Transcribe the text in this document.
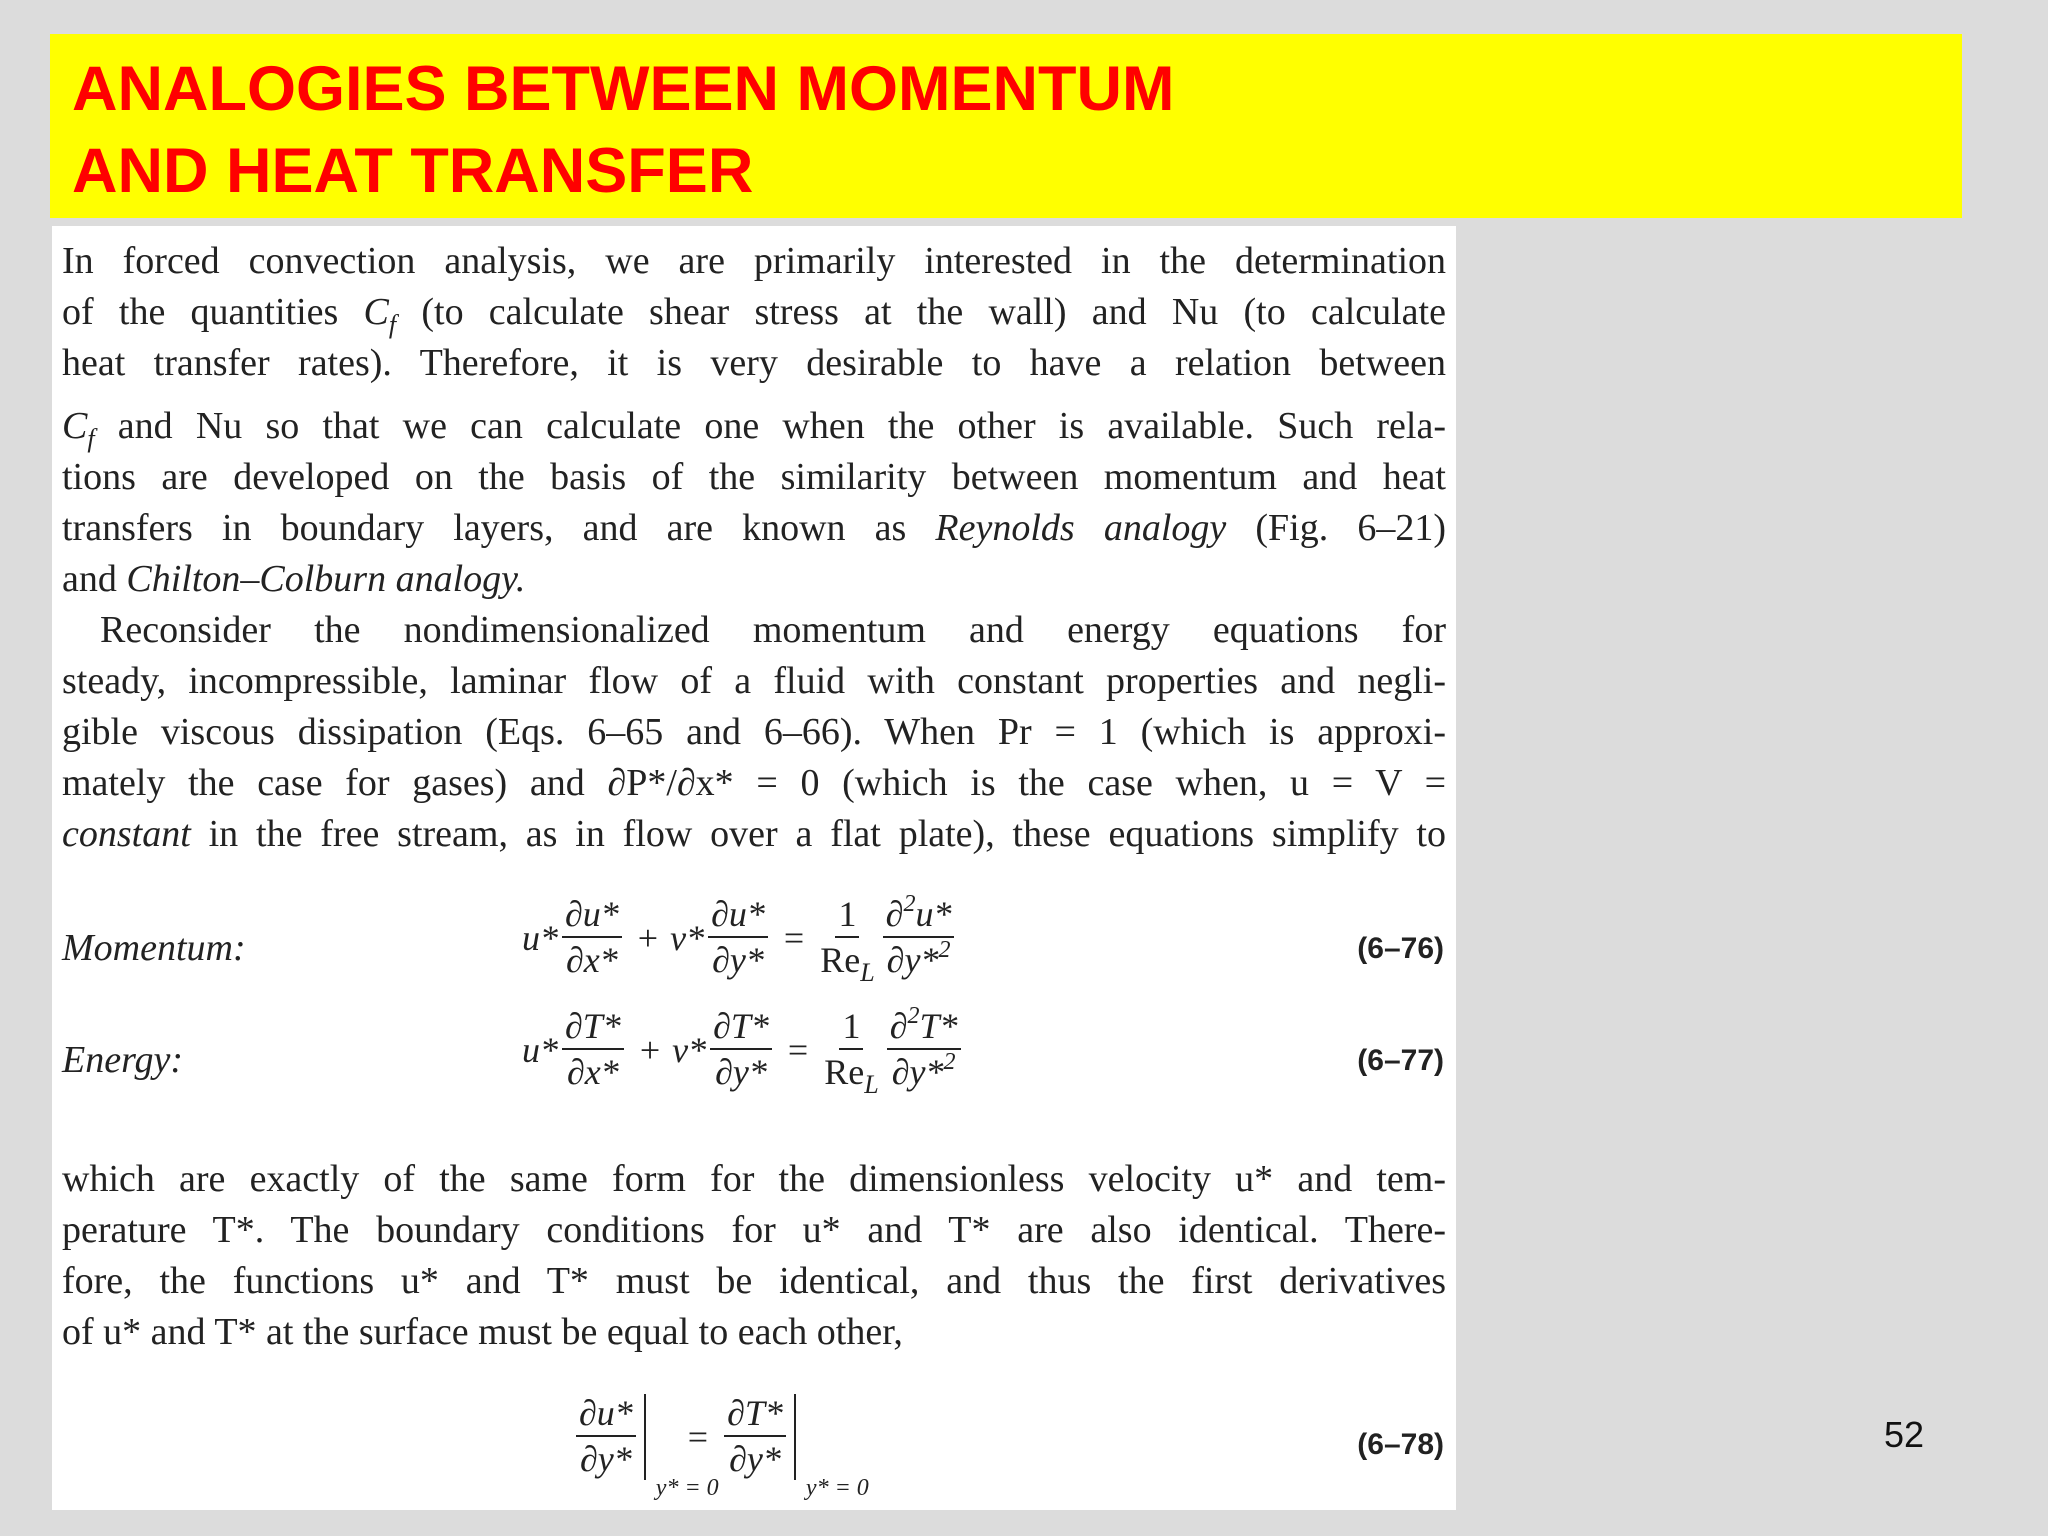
ANALOGIES BETWEEN MOMENTUM
AND HEAT TRANSFER
In forced convection analysis, we are primarily interested in the determination
of the quantities $C_f$ (to calculate shear stress at the wall) and Nu (to calculate
heat transfer rates). Therefore, it is very desirable to have a relation between
$C_f$ and Nu so that we can calculate one when the other is available. Such rela-
tions are developed on the basis of the similarity between momentum and heat
transfers in boundary layers, and are known as Reynolds analogy (Fig. 6–21)
and Chilton–Colburn analogy.
Reconsider the nondimensionalized momentum and energy equations for
steady, incompressible, laminar flow of a fluid with constant properties and negli-
gible viscous dissipation (Eqs. 6–65 and 6–66). When Pr = 1 (which is approxi-
mately the case for gases) and ∂P*/∂x* = 0 (which is the case when, u = V =
constant in the free stream, as in flow over a flat plate), these equations simplify to
Momentum:	$u* \frac{\partial u*}{\partial x*} + v* \frac{\partial u*}{\partial y*} = \frac{1}{Re_L} \frac{\partial^2u*}{\partial y*^2}$	(6–76)
Energy:	$u* \frac{\partial T*}{\partial x*} + v* \frac{\partial T*}{\partial y*} = \frac{1}{Re_L} \frac{\partial^2T*}{\partial y*^2}$	(6–77)
which are exactly of the same form for the dimensionless velocity u* and tem-
perature T*. The boundary conditions for u* and T* are also identical. There-
fore, the functions u* and T* must be identical, and thus the first derivatives
of u* and T* at the surface must be equal to each other,
$\frac{\partial u*}{\partial y*}$
y* = 0
= $\frac{\partial T*}{\partial y*}$
y* = 0
(6–78)	52
